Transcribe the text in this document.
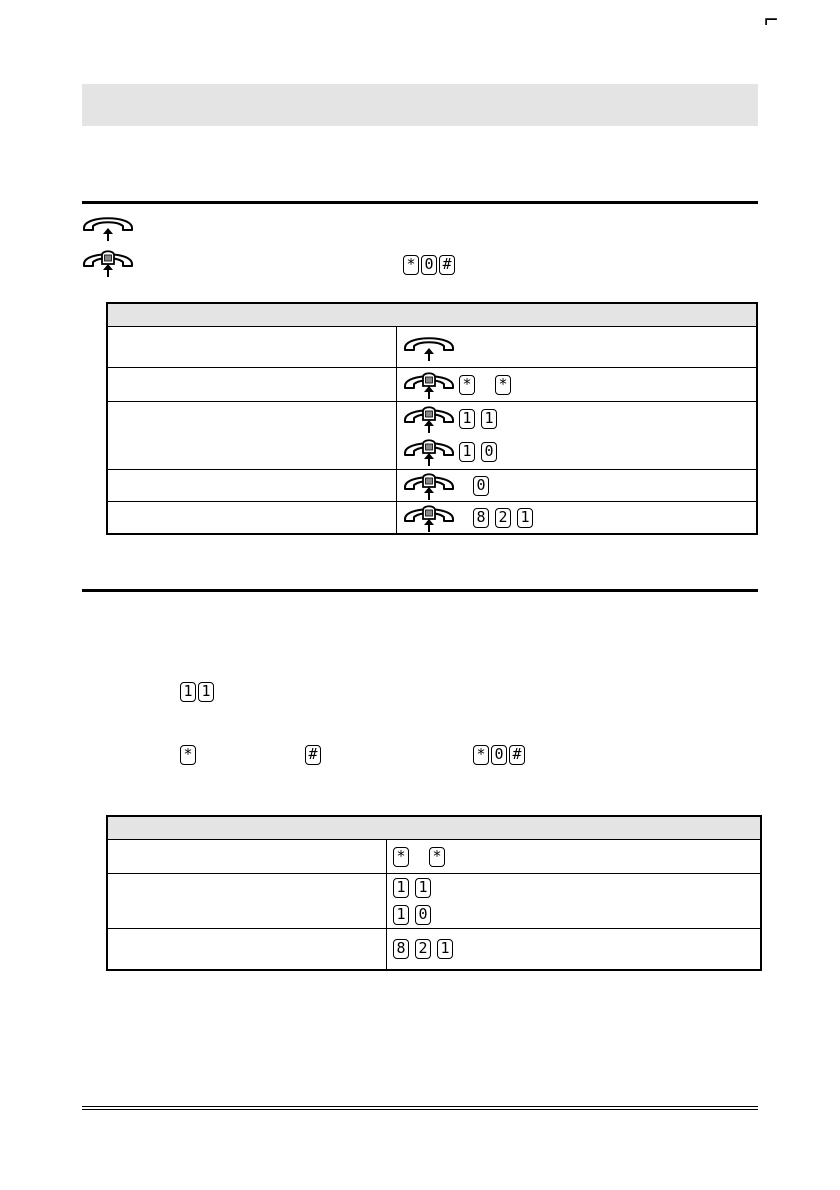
⌐
* 0 #

	* *

	1 1
1 0

	0

	8 2 1
1 1
*	#	* 0 #

	* *

	1 1
1 0

	8 2 1
